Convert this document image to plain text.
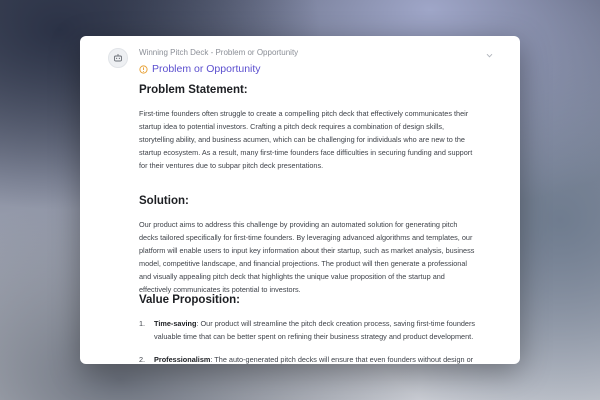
Winning Pitch Deck - Problem or Opportunity
Problem or Opportunity
Problem Statement:

First-time founders often struggle to create a compelling pitch deck that effectively communicates their
startup idea to potential investors. Crafting a pitch deck requires a combination of design skills,
storytelling ability, and business acumen, which can be challenging for individuals who are new to the
startup ecosystem. As a result, many first-time founders face difficulties in securing funding and support
for their ventures due to subpar pitch deck presentations.

Solution:

Our product aims to address this challenge by providing an automated solution for generating pitch
decks tailored specifically for first-time founders. By leveraging advanced algorithms and templates, our
platform will enable users to input key information about their startup, such as market analysis, business
model, competitive landscape, and financial projections. The product will then generate a professional
and visually appealing pitch deck that highlights the unique value proposition of the startup and
effectively communicates its potential to investors.

Value Proposition:
1. Time-saving: Our product will streamline the pitch deck creation process, saving first-time founders
valuable time that can be better spent on refining their business strategy and product development.
2. Professionalism: The auto-generated pitch decks will ensure that even founders without design or
